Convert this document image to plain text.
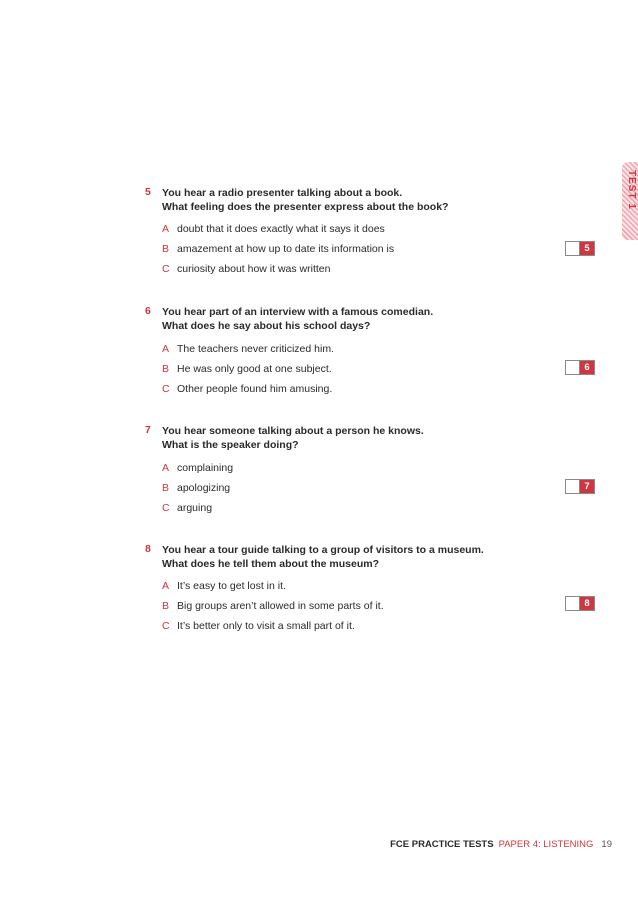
TEST 1
5 You hear a radio presenter talking about a book.
What feeling does the presenter express about the book?
A doubt that it does exactly what it says it does
B amazement at how up to date its information is
C curiosity about how it was written
5
6 You hear part of an interview with a famous comedian.
What does he say about his school days?
A The teachers never criticized him.
B He was only good at one subject.
C Other people found him amusing.
6
7 You hear someone talking about a person he knows.
What is the speaker doing?
A complaining
B apologizing
C arguing
7
8 You hear a tour guide talking to a group of visitors to a museum.
What does he tell them about the museum?
A It’s easy to get lost in it.
B Big groups aren’t allowed in some parts of it.
C It’s better only to visit a small part of it.
8
FCE PRACTICE TESTS PAPER 4: LISTENING 19
